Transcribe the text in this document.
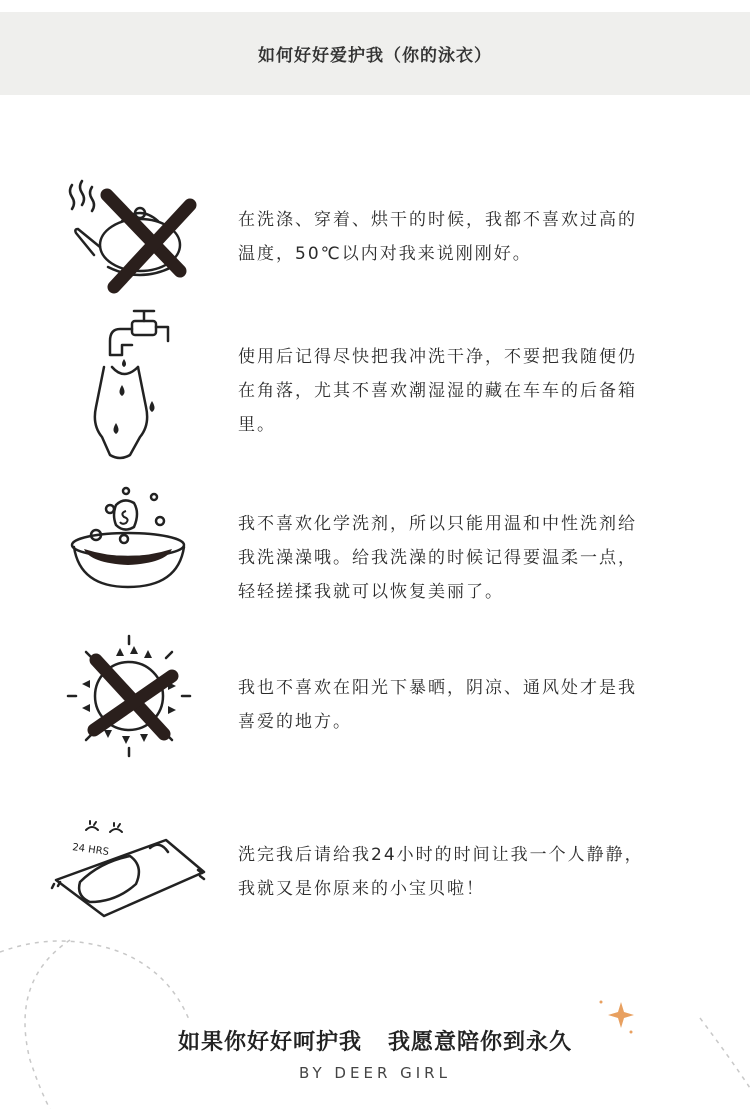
如何好好爱护我（你的泳衣）
在洗涤、穿着、烘干的时候，我都不喜欢过高的
温度，50℃以内对我来说刚刚好。
使用后记得尽快把我冲洗干净，不要把我随便仍
在角落，尤其不喜欢潮湿湿的藏在车车的后备箱
里。
我不喜欢化学洗剂，所以只能用温和中性洗剂给
我洗澡澡哦。给我洗澡的时候记得要温柔一点，
轻轻搓揉我就可以恢复美丽了。
我也不喜欢在阳光下暴晒，阴凉、通风处才是我
喜爱的地方。
24 HRS	洗完我后请给我24小时的时间让我一个人静静，
我就又是你原来的小宝贝啦！
如果你好好呵护我 我愿意陪你到永久
BY DEER GIRL
